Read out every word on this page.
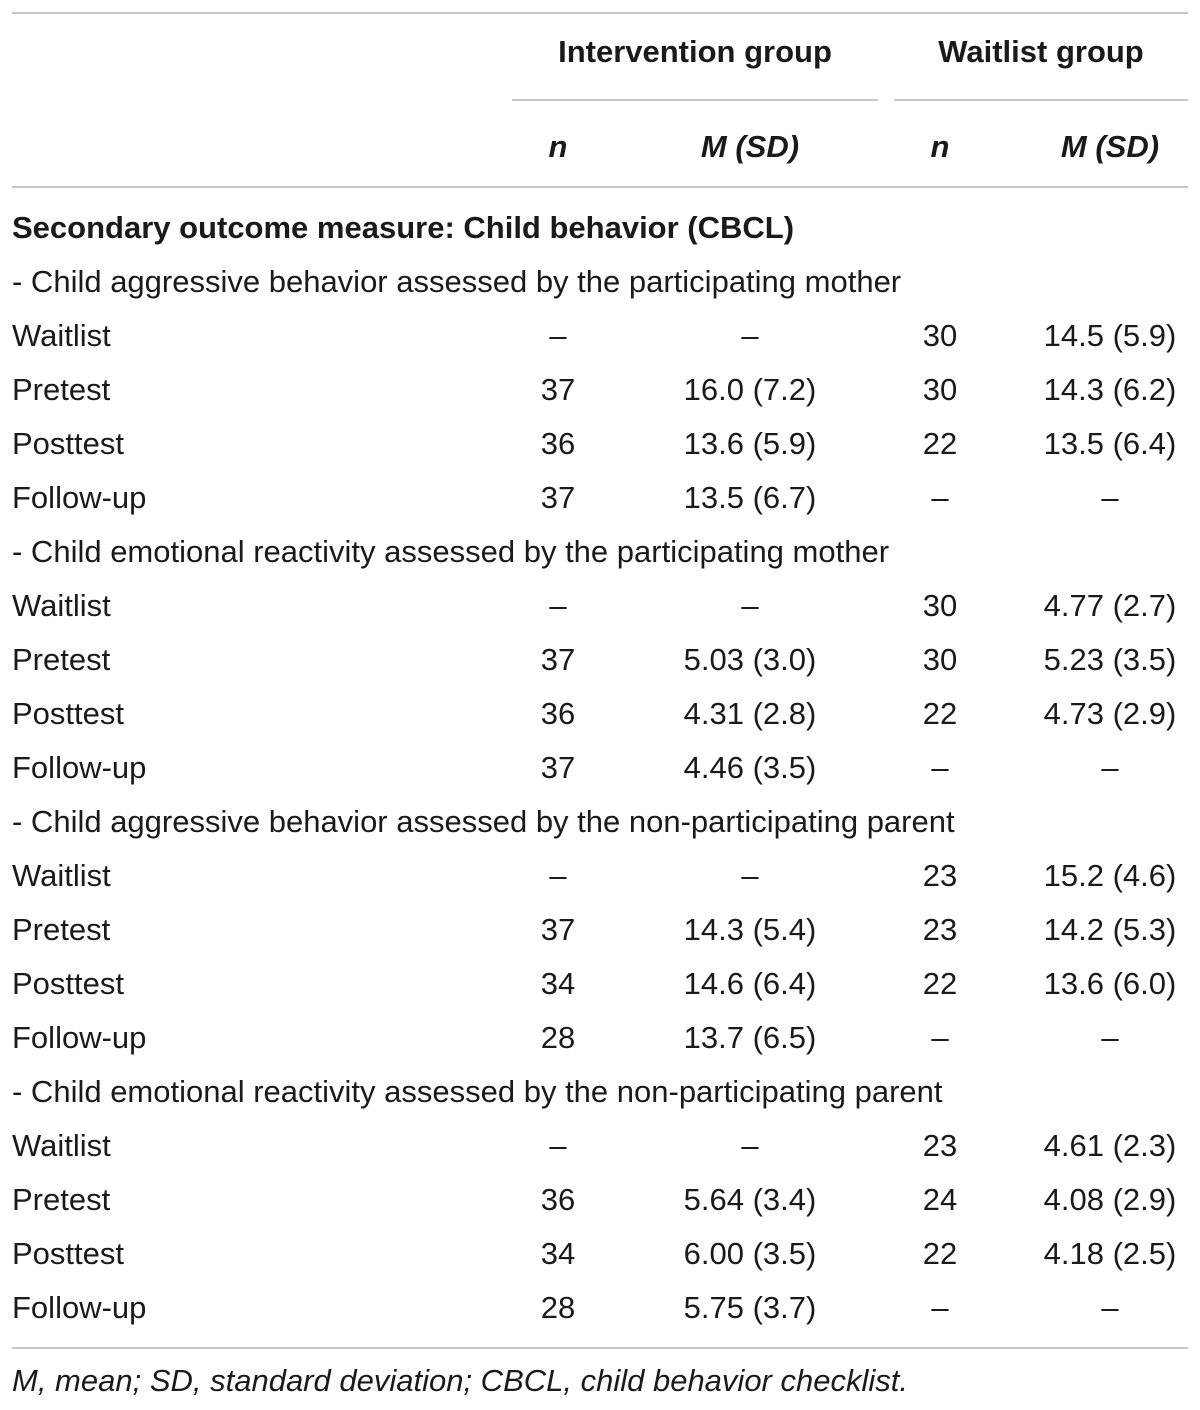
Intervention group	Waitlist group
n	M (SD)	n	M (SD)
Secondary outcome measure: Child behavior (CBCL)
- Child aggressive behavior assessed by the participating mother
Waitlist	–	–	30	14.5 (5.9)
Pretest	37	16.0 (7.2)	30	14.3 (6.2)
Posttest	36	13.6 (5.9)	22	13.5 (6.4)
Follow-up	37	13.5 (6.7)	–	–
- Child emotional reactivity assessed by the participating mother
Waitlist	–	–	30	4.77 (2.7)
Pretest	37	5.03 (3.0)	30	5.23 (3.5)
Posttest	36	4.31 (2.8)	22	4.73 (2.9)
Follow-up	37	4.46 (3.5)	–	–
- Child aggressive behavior assessed by the non-participating parent
Waitlist	–	–	23	15.2 (4.6)
Pretest	37	14.3 (5.4)	23	14.2 (5.3)
Posttest	34	14.6 (6.4)	22	13.6 (6.0)
Follow-up	28	13.7 (6.5)	–	–
- Child emotional reactivity assessed by the non-participating parent
Waitlist	–	–	23	4.61 (2.3)
Pretest	36	5.64 (3.4)	24	4.08 (2.9)
Posttest	34	6.00 (3.5)	22	4.18 (2.5)
Follow-up	28	5.75 (3.7)	–	–
M, mean; SD, standard deviation; CBCL, child behavior checklist.
